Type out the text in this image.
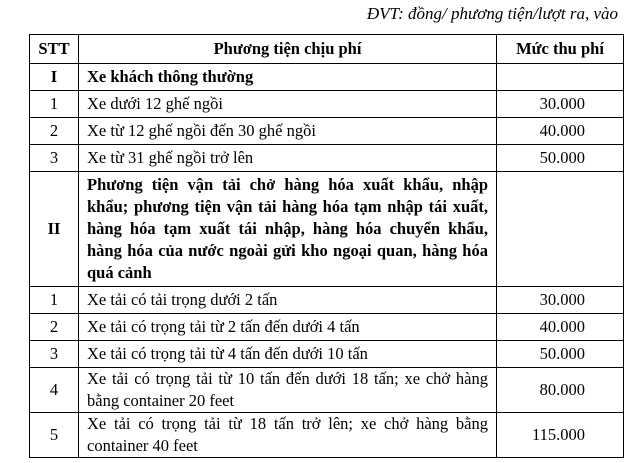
ĐVT: đồng/ phương tiện/lượt ra, vào
STT	Phương tiện chịu phí	Mức thu phí
I	Xe khách thông thường	
1	Xe dưới 12 ghế ngồi	30.000
2	Xe từ 12 ghế ngồi đến 30 ghế ngồi	40.000
3	Xe từ 31 ghế ngồi trở lên	50.000
II	Phương tiện vận tải chở hàng hóa xuất khẩu, nhập khẩu; phương tiện vận tải hàng hóa tạm nhập tái xuất, hàng hóa tạm xuất tái nhập, hàng hóa chuyển khẩu, hàng hóa của nước ngoài gửi kho ngoại quan, hàng hóa quá cảnh	
1	Xe tải có tải trọng dưới 2 tấn	30.000
2	Xe tải có trọng tải từ 2 tấn đến dưới 4 tấn	40.000
3	Xe tải có trọng tải từ 4 tấn đến dưới 10 tấn	50.000
4	Xe tải có trọng tải từ 10 tấn đến dưới 18 tấn; xe chở hàng bằng container 20 feet	80.000
5	Xe tải có trọng tải từ 18 tấn trở lên; xe chở hàng bằng container 40 feet	115.000
